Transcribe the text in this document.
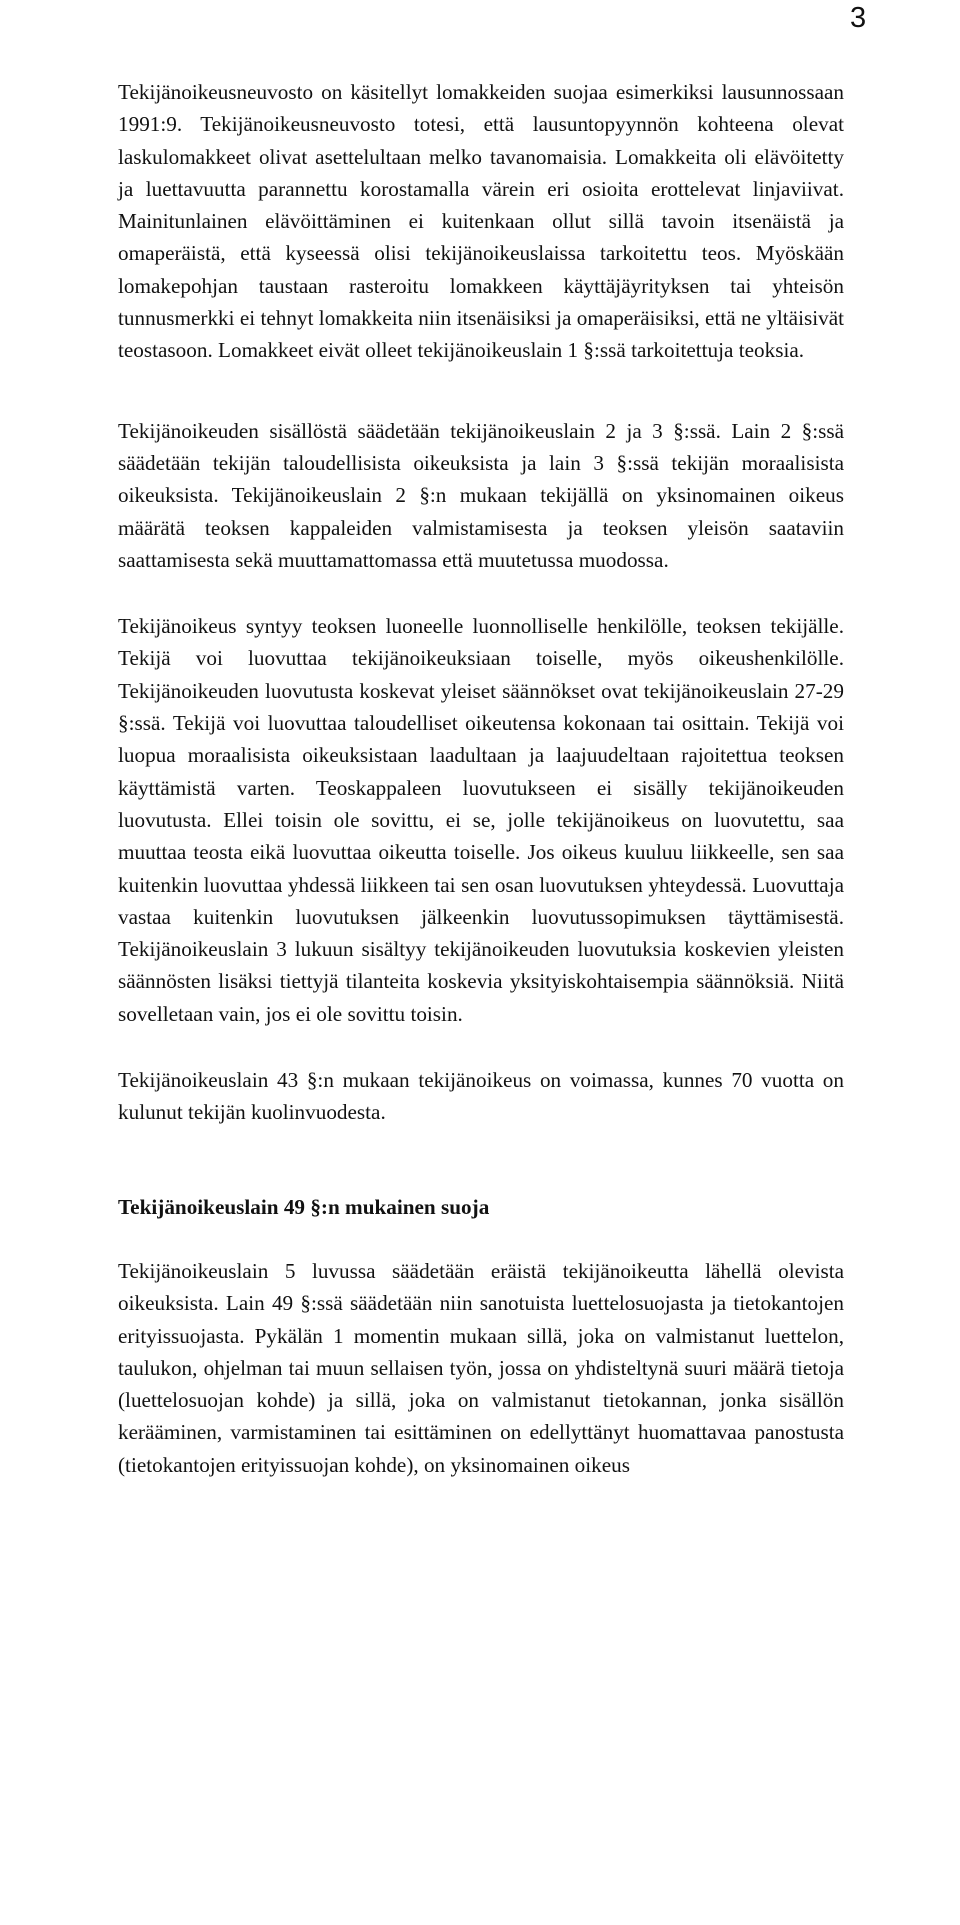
3

Tekijänoikeusneuvosto on käsitellyt lomakkeiden suojaa esimerkiksi lausunnossaan 1991:9. Tekijänoikeusneuvosto totesi, että lausuntopyynnön kohteena olevat laskulomakkeet olivat asettelultaan melko tavanomaisia. Lomakkeita oli elävöitetty ja luettavuutta parannettu korostamalla värein eri osioita erottelevat linjaviivat. Mainitunlainen elävöittäminen ei kuitenkaan ollut sillä tavoin itsenäistä ja omaperäistä, että kyseessä olisi tekijänoikeuslaissa tarkoitettu teos. Myöskään lomakepohjan taustaan rasteroitu lomakkeen käyttäjäyrityksen tai yhteisön tunnusmerkki ei tehnyt lomakkeita niin itsenäisiksi ja omaperäisiksi, että ne yltäisivät teostasoon. Lomakkeet eivät olleet tekijänoikeuslain 1 §:ssä tarkoitettuja teoksia.

Tekijänoikeuden sisällöstä säädetään tekijänoikeuslain 2 ja 3 §:ssä. Lain 2 §:ssä säädetään tekijän taloudellisista oikeuksista ja lain 3 §:ssä tekijän moraalisista oikeuksista. Tekijänoikeuslain 2 §:n mukaan tekijällä on yksinomainen oikeus määrätä teoksen kappaleiden valmistamisesta ja teoksen yleisön saataviin saattamisesta sekä muuttamattomassa että muutetussa muodossa.

Tekijänoikeus syntyy teoksen luoneelle luonnolliselle henkilölle, teoksen tekijälle. Tekijä voi luovuttaa tekijänoikeuksiaan toiselle, myös oikeushenkilölle. Tekijänoikeuden luovutusta koskevat yleiset säännökset ovat tekijänoikeuslain 27-29 §:ssä. Tekijä voi luovuttaa taloudelliset oikeutensa kokonaan tai osittain. Tekijä voi luopua moraalisista oikeuksistaan laadultaan ja laajuudeltaan rajoitettua teoksen käyttämistä varten. Teoskappaleen luovutukseen ei sisälly tekijänoikeuden luovutusta. Ellei toisin ole sovittu, ei se, jolle tekijänoikeus on luovutettu, saa muuttaa teosta eikä luovuttaa oikeutta toiselle. Jos oikeus kuuluu liikkeelle, sen saa kuitenkin luovuttaa yhdessä liikkeen tai sen osan luovutuksen yhteydessä. Luovuttaja vastaa kuitenkin luovutuksen jälkeenkin luovutussopimuksen täyttämisestä. Tekijänoikeuslain 3 lukuun sisältyy tekijänoikeuden luovutuksia koskevien yleisten säännösten lisäksi tiettyjä tilanteita koskevia yksityiskohtaisempia säännöksiä. Niitä sovelletaan vain, jos ei ole sovittu toisin.

Tekijänoikeuslain 43 §:n mukaan tekijänoikeus on voimassa, kunnes 70 vuotta on kulunut tekijän kuolinvuodesta.

Tekijänoikeuslain 49 §:n mukainen suoja

Tekijänoikeuslain 5 luvussa säädetään eräistä tekijänoikeutta lähellä olevista oikeuksista. Lain 49 §:ssä säädetään niin sanotuista luettelosuojasta ja tietokantojen erityissuojasta. Pykälän 1 momentin mukaan sillä, joka on valmistanut luettelon, taulukon, ohjelman tai muun sellaisen työn, jossa on yhdisteltynä suuri määrä tietoja (luettelosuojan kohde) ja sillä, joka on valmistanut tietokannan, jonka sisällön kerääminen, varmistaminen tai esittäminen on edellyttänyt huomattavaa panostusta (tietokantojen erityissuojan kohde), on yksinomainen oikeus
